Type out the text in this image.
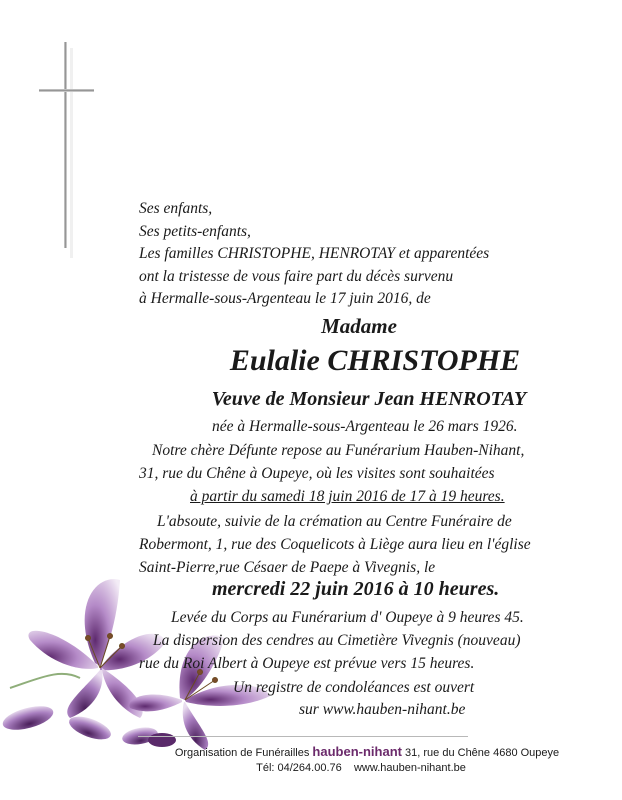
Ses enfants,
Ses petits-enfants,
Les familles CHRISTOPHE, HENROTAY et apparentées
ont la tristesse de vous faire part du décès survenu
à Hermalle-sous-Argenteau le 17 juin 2016, de
Madame
Eulalie CHRISTOPHE
Veuve de Monsieur Jean HENROTAY
née à Hermalle-sous-Argenteau le 26 mars 1926.
Notre chère Défunte repose au Funérarium Hauben-Nihant,
31, rue du Chêne à Oupeye, où les visites sont souhaitées
à partir du samedi 18 juin 2016 de 17 à 19 heures.
L'absoute, suivie de la crémation au Centre Funéraire de
Robermont, 1, rue des Coquelicots à Liège aura lieu en l'église
Saint-Pierre,rue Césaer de Paepe à Vivegnis, le
mercredi 22 juin 2016 à 10 heures.
Levée du Corps au Funérarium d' Oupeye à 9 heures 45.
La dispersion des cendres au Cimetière Vivegnis (nouveau)
rue du Roi Albert à Oupeye est prévue vers 15 heures.
Un registre de condoléances est ouvert
sur www.hauben-nihant.be
Organisation de Funérailles hauben-nihant 31, rue du Chêne 4680 Oupeye
Tél: 04/264.00.76 www.hauben-nihant.be
